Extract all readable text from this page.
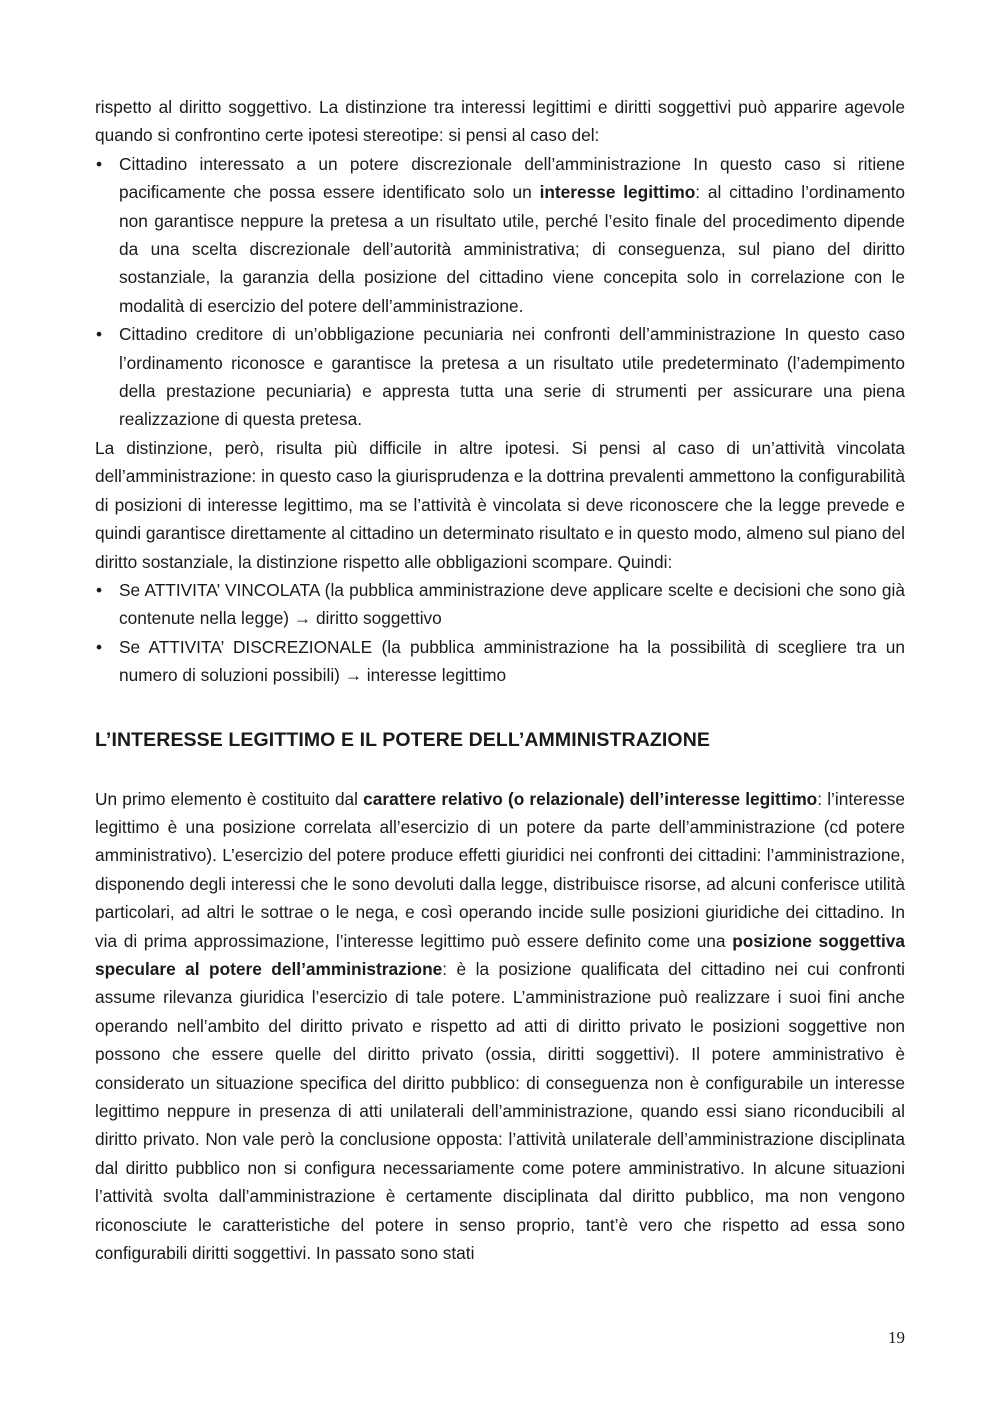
rispetto al diritto soggettivo. La distinzione tra interessi legittimi e diritti soggettivi può apparire agevole quando si confrontino certe ipotesi stereotipe: si pensi al caso del:

• Cittadino interessato a un potere discrezionale dell’amministrazione In questo caso si ritiene pacificamente che possa essere identificato solo un interesse legittimo: al cittadino l’ordinamento non garantisce neppure la pretesa a un risultato utile, perché l’esito finale del procedimento dipende da una scelta discrezionale dell’autorità amministrativa; di conseguenza, sul piano del diritto sostanziale, la garanzia della posizione del cittadino viene concepita solo in correlazione con le modalità di esercizio del potere dell’amministrazione.
• Cittadino creditore di un’obbligazione pecuniaria nei confronti dell’amministrazione In questo caso l’ordinamento riconosce e garantisce la pretesa a un risultato utile predeterminato (l’adempimento della prestazione pecuniaria) e appresta tutta una serie di strumenti per assicurare una piena realizzazione di questa pretesa.

La distinzione, però, risulta più difficile in altre ipotesi. Si pensi al caso di un’attività vincolata dell’amministrazione: in questo caso la giurisprudenza e la dottrina prevalenti ammettono la configurabilità di posizioni di interesse legittimo, ma se l’attività è vincolata si deve riconoscere che la legge prevede e quindi garantisce direttamente al cittadino un determinato risultato e in questo modo, almeno sul piano del diritto sostanziale, la distinzione rispetto alle obbligazioni scompare. Quindi:

• Se ATTIVITA’ VINCOLATA (la pubblica amministrazione deve applicare scelte e decisioni che sono già contenute nella legge) → diritto soggettivo
• Se ATTIVITA’ DISCREZIONALE (la pubblica amministrazione ha la possibilità di scegliere tra un numero di soluzioni possibili) → interesse legittimo
L’INTERESSE LEGITTIMO E IL POTERE DELL’AMMINISTRAZIONE

Un primo elemento è costituito dal carattere relativo (o relazionale) dell’interesse legittimo: l’interesse legittimo è una posizione correlata all’esercizio di un potere da parte dell’amministrazione (cd potere amministrativo). L’esercizio del potere produce effetti giuridici nei confronti dei cittadini: l’amministrazione, disponendo degli interessi che le sono devoluti dalla legge, distribuisce risorse, ad alcuni conferisce utilità particolari, ad altri le sottrae o le nega, e così operando incide sulle posizioni giuridiche dei cittadino. In via di prima approssimazione, l’interesse legittimo può essere definito come una posizione soggettiva speculare al potere dell’amministrazione: è la posizione qualificata del cittadino nei cui confronti assume rilevanza giuridica l’esercizio di tale potere. L’amministrazione può realizzare i suoi fini anche operando nell’ambito del diritto privato e rispetto ad atti di diritto privato le posizioni soggettive non possono che essere quelle del diritto privato (ossia, diritti soggettivi). Il potere amministrativo è considerato un situazione specifica del diritto pubblico: di conseguenza non è configurabile un interesse legittimo neppure in presenza di atti unilaterali dell’amministrazione, quando essi siano riconducibili al diritto privato. Non vale però la conclusione opposta: l’attività unilaterale dell’amministrazione disciplinata dal diritto pubblico non si configura necessariamente come potere amministrativo. In alcune situazioni l’attività svolta dall’amministrazione è certamente disciplinata dal diritto pubblico, ma non vengono riconosciute le caratteristiche del potere in senso proprio, tant’è vero che rispetto ad essa sono configurabili diritti soggettivi. In passato sono stati

19
